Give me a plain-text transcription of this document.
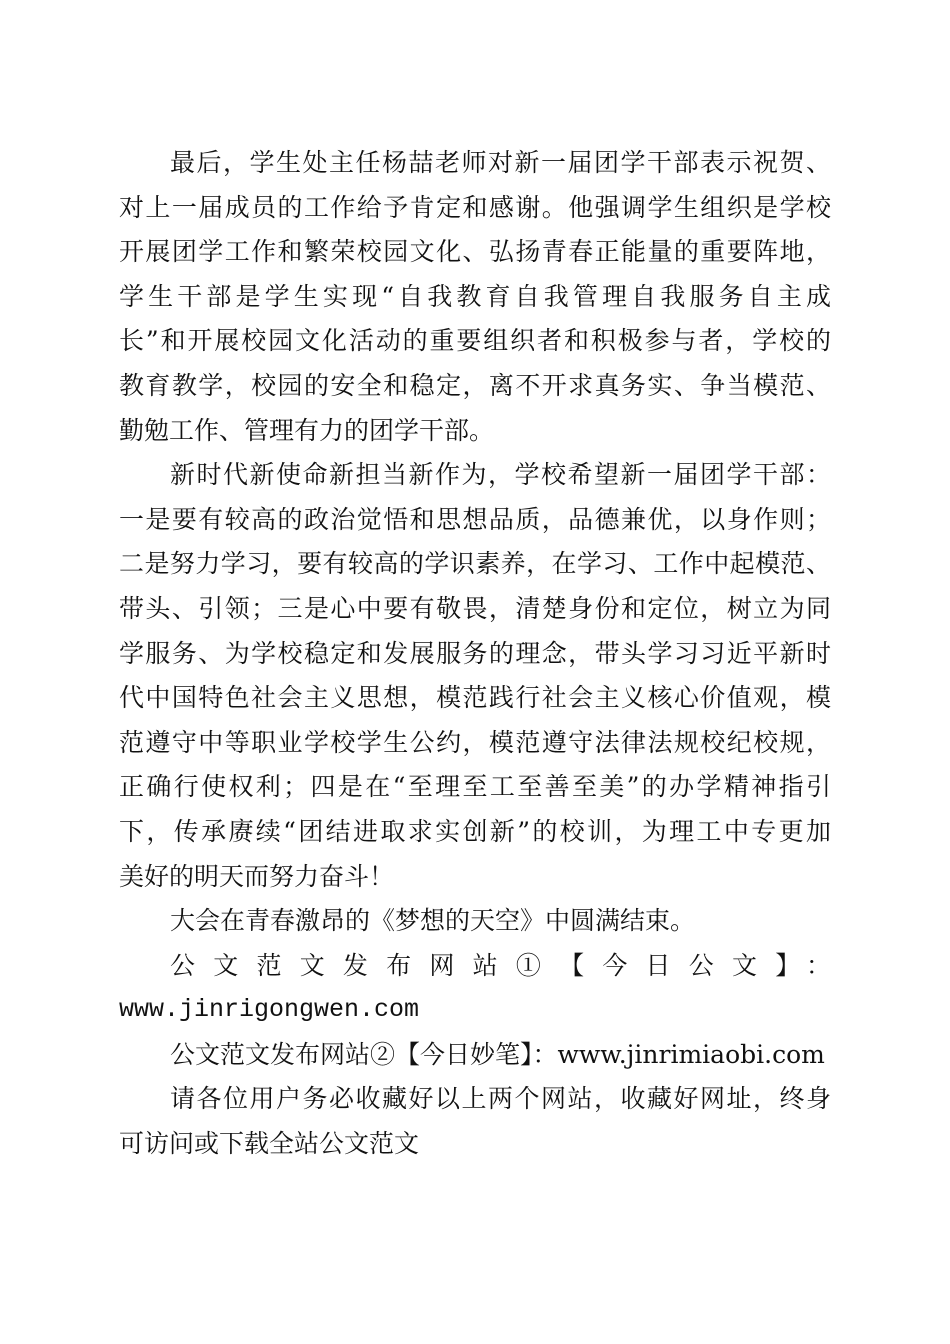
最后，学生处主任杨喆老师对新一届团学干部表示祝贺、
对上一届成员的工作给予肯定和感谢。他强调学生组织是学校
开展团学工作和繁荣校园文化、弘扬青春正能量的重要阵地，
学生干部是学生实现“自我教育自我管理自我服务自主成
长”和开展校园文化活动的重要组织者和积极参与者，学校的
教育教学，校园的安全和稳定，离不开求真务实、争当模范、
勤勉工作、管理有力的团学干部。
新时代新使命新担当新作为，学校希望新一届团学干部：
一是要有较高的政治觉悟和思想品质，品德兼优，以身作则；
二是努力学习，要有较高的学识素养，在学习、工作中起模范、
带头、引领；三是心中要有敬畏，清楚身份和定位，树立为同
学服务、为学校稳定和发展服务的理念，带头学习习近平新时
代中国特色社会主义思想，模范践行社会主义核心价值观，模
范遵守中等职业学校学生公约，模范遵守法律法规校纪校规，
正确行使权利；四是在“至理至工至善至美”的办学精神指引
下，传承赓续“团结进取求实创新”的校训，为理工中专更加
美好的明天而努力奋斗！
大会在青春激昂的《梦想的天空》中圆满结束。
公文范文发布网站①【今日公文】：
www.jinrigongwen.com
公文范文发布网站②【今日妙笔】：www.jinrimiaobi.com
请各位用户务必收藏好以上两个网站，收藏好网址，终身
可访问或下载全站公文范文
